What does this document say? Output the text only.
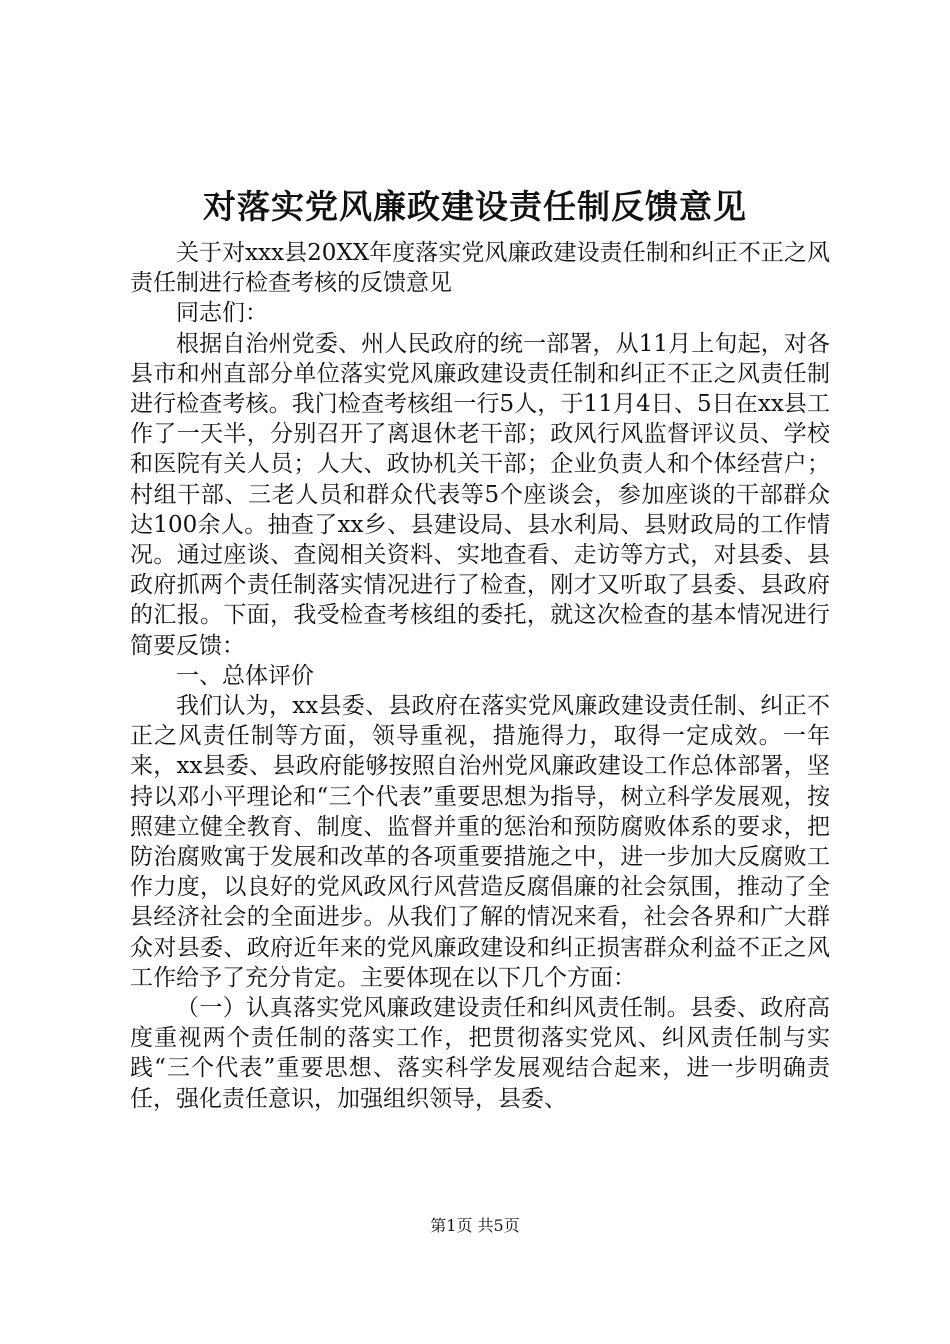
对落实党风廉政建设责任制反馈意见

关于对xxx县20XX年度落实党风廉政建设责任制和纠正不正之风责任制进行检查考核的反馈意见

同志们：

根据自治州党委、州人民政府的统一部署，从11月上旬起，对各县市和州直部分单位落实党风廉政建设责任制和纠正不正之风责任制进行检查考核。我门检查考核组一行5人，于11月4日、5日在xx县工作了一天半，分别召开了离退休老干部；政风行风监督评议员、学校和医院有关人员；人大、政协机关干部；企业负责人和个体经营户；村组干部、三老人员和群众代表等5个座谈会，参加座谈的干部群众达100余人。抽查了xx乡、县建设局、县水利局、县财政局的工作情况。通过座谈、查阅相关资料、实地查看、走访等方式，对县委、县政府抓两个责任制落实情况进行了检查，刚才又听取了县委、县政府的汇报。下面，我受检查考核组的委托，就这次检查的基本情况进行简要反馈：

一、总体评价

我们认为，xx县委、县政府在落实党风廉政建设责任制、纠正不正之风责任制等方面，领导重视，措施得力，取得一定成效。一年来，xx县委、县政府能够按照自治州党风廉政建设工作总体部署，坚持以邓小平理论和“三个代表”重要思想为指导，树立科学发展观，按照建立健全教育、制度、监督并重的惩治和预防腐败体系的要求，把防治腐败寓于发展和改革的各项重要措施之中，进一步加大反腐败工作力度，以良好的党风政风行风营造反腐倡廉的社会氛围，推动了全县经济社会的全面进步。从我们了解的情况来看，社会各界和广大群众对县委、政府近年来的党风廉政建设和纠正损害群众利益不正之风工作给予了充分肯定。主要体现在以下几个方面：

（一）认真落实党风廉政建设责任和纠风责任制。县委、政府高度重视两个责任制的落实工作，把贯彻落实党风、纠风责任制与实践“三个代表”重要思想、落实科学发展观结合起来，进一步明确责任，强化责任意识，加强组织领导，县委、

第1页 共5页
